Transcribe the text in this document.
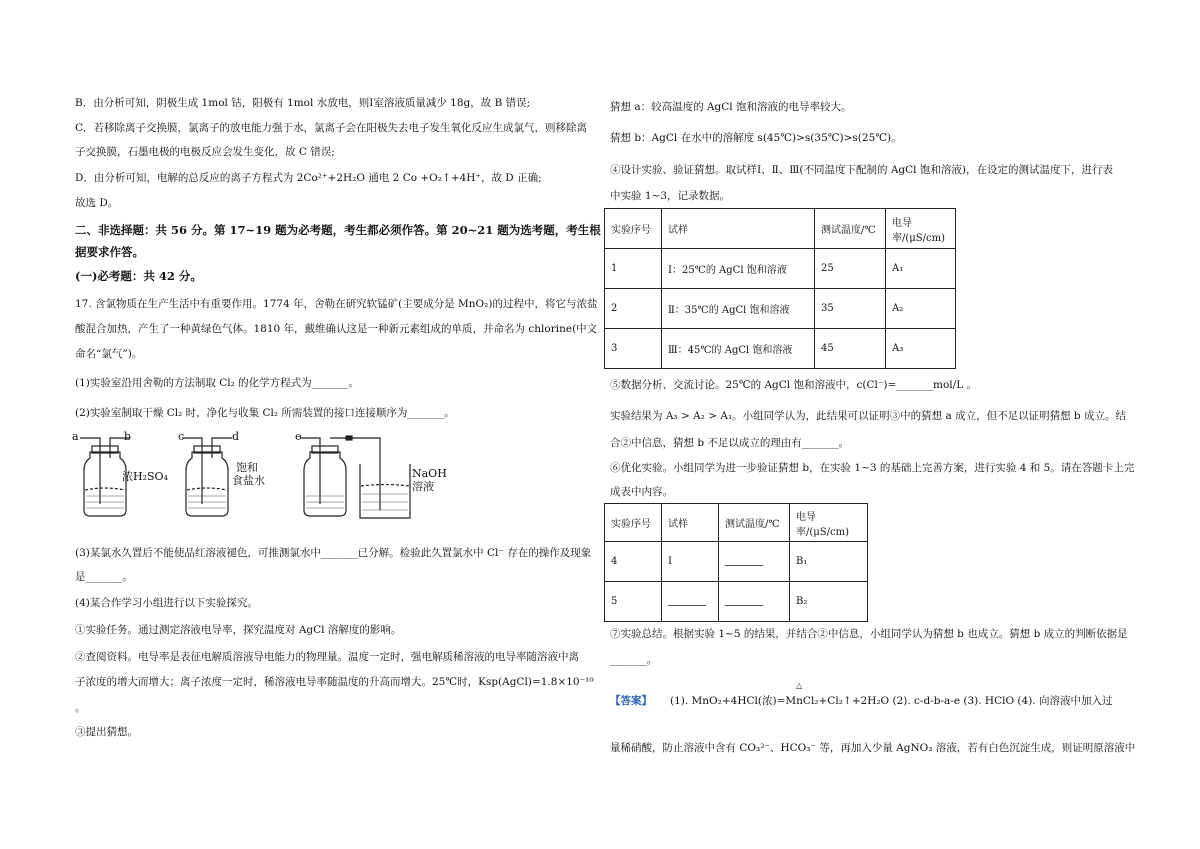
B．由分析可知，阴极生成 1mol 钴，阳极有 1mol 水放电，则Ⅰ室溶液质量减少 18g，故 B 错误;
C．若移除离子交换膜，氯离子的放电能力强于水，氯离子会在阳极失去电子发生氧化反应生成氯气，则移除离
子交换膜，石墨电极的电极反应会发生变化，故 C 错误;
D．由分析可知，电解的总反应的离子方程式为 2Co²⁺+2H₂O 通电 2 Co +O₂↑+4H⁺，故 D 正确;
故选 D。
二、非选择题：共 56 分。第 17~19 题为必考题，考生都必须作答。第 20~21 题为选考题，考生根
据要求作答。
(一)必考题：共 42 分。
17. 含氯物质在生产生活中有重要作用。1774 年，舍勒在研究软锰矿(主要成分是 MnO₂)的过程中，将它与浓盐
酸混合加热，产生了一种黄绿色气体。1810 年，戴维确认这是一种新元素组成的单质，并命名为 chlorine(中文
命名“氯气”)。
(1)实验室沿用舍勒的方法制取 Cl₂ 的化学方程式为_______。
(2)实验室制取干燥 Cl₂ 时，净化与收集 Cl₂ 所需装置的接口连接顺序为_______。
a	b	c	d	e
浓H₂SO₄
饱和
食盐水
NaOH
溶液
(3)某氯水久置后不能使品红溶液褪色，可推测氯水中_______已分解。检验此久置氯水中 Cl⁻ 存在的操作及现象
是_______。
(4)某合作学习小组进行以下实验探究。
①实验任务。通过测定溶液电导率，探究温度对 AgCl 溶解度的影响。
②查阅资料。电导率是表征电解质溶液导电能力的物理量。温度一定时，强电解质稀溶液的电导率随溶液中离
子浓度的增大而增大；离子浓度一定时，稀溶液电导率随温度的升高而增大。25℃时，Ksp(AgCl)=1.8×10⁻¹⁰
。
③提出猜想。
猜想 a：较高温度的 AgCl 饱和溶液的电导率较大。
猜想 b：AgCl 在水中的溶解度 s(45℃)>s(35℃)>s(25℃)。
④设计实验、验证猜想。取试样Ⅰ、Ⅱ、Ⅲ(不同温度下配制的 AgCl 饱和溶液)，在设定的测试温度下，进行表
中实验 1~3，记录数据。
实验序号	试样	测试温度/℃	电导率/(μS/cm)
1	Ⅰ：25℃的 AgCl 饱和溶液	25	A₁
2	Ⅱ：35℃的 AgCl 饱和溶液	35	A₂
3	Ⅲ：45℃的 AgCl 饱和溶液	45	A₃
⑤数据分析、交流讨论。25℃的 AgCl 饱和溶液中，c(Cl⁻)=_______mol/L 。
实验结果为 A₃ > A₂ > A₁。小组同学认为，此结果可以证明③中的猜想 a 成立，但不足以证明猜想 b 成立。结
合②中信息，猜想 b 不足以成立的理由有_______。
⑥优化实验。小组同学为进一步验证猜想 b，在实验 1~3 的基础上完善方案，进行实验 4 和 5。请在答题卡上完
成表中内容。
实验序号	试样	测试温度/℃	电导率/(μS/cm)
4	Ⅰ		B₁
5			B₂
⑦实验总结。根据实验 1~5 的结果，并结合②中信息，小组同学认为猜想 b 也成立。猜想 b 成立的判断依据是
_______。
△
【答案】 (1). MnO₂+4HCl(浓)=MnCl₂+Cl₂↑+2H₂O (2). c-d-b-a-e (3). HClO (4). 向溶液中加入过
量稀硝酸，防止溶液中含有 CO₃²⁻、HCO₃⁻ 等，再加入少量 AgNO₃ 溶液，若有白色沉淀生成，则证明原溶液中
